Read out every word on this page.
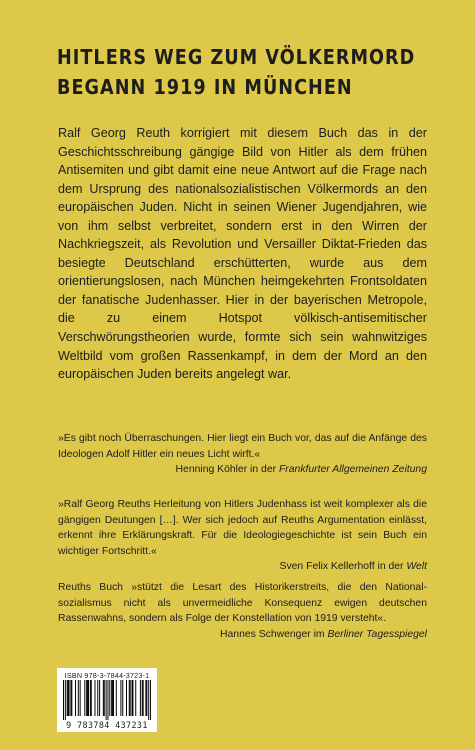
HITLERS WEG ZUM VÖLKERMORD
BEGANN 1919 IN MÜNCHEN
Ralf Georg Reuth korrigiert mit diesem Buch das in der Geschichtsschreibung gängige Bild von Hitler als dem frühen Antisemiten und gibt damit eine neue Antwort auf die Frage nach dem Ursprung des nationalsozialistischen Völkermords an den europäischen Juden. Nicht in seinen Wiener Jugendjahren, wie von ihm selbst verbreitet, sondern erst in den Wirren der Nachkriegszeit, als Revolution und Versailler Diktat-Frieden das besiegte Deutschland erschütterten, wurde aus dem orientierungslosen, nach München heimgekehrten Frontsoldaten der fanatische Judenhasser. Hier in der bayerischen Metropole, die zu einem Hotspot völkisch-antisemitischer Verschwörungstheorien wurde, formte sich sein wahnwitziges Weltbild vom großen Rassenkampf, in dem der Mord an den europäischen Juden bereits angelegt war.
»Es gibt noch Überraschungen. Hier liegt ein Buch vor, das auf die Anfänge des Ideologen Adolf Hitler ein neues Licht wirft.«
Henning Köhler in der Frankfurter Allgemeinen Zeitung
»Ralf Georg Reuths Herleitung von Hitlers Judenhass ist weit komplexer als die gängigen Deutungen […]. Wer sich jedoch auf Reuths Argumentation einlässt, erkennt ihre Erklärungskraft. Für die Ideologiegeschichte ist sein Buch ein wichtiger Fortschritt.«
Sven Felix Kellerhoff in der Welt
Reuths Buch »stützt die Lesart des Historikerstreits, die den Nationalsozialismus nicht als unvermeidliche Konsequenz ewigen deutschen Rassenwahns, sondern als Folge der Konstellation von 1919 versteht«.
Hannes Schwenger im Berliner Tagesspiegel
ISBN 978-3-7844-3723-1
9 783784 437231
